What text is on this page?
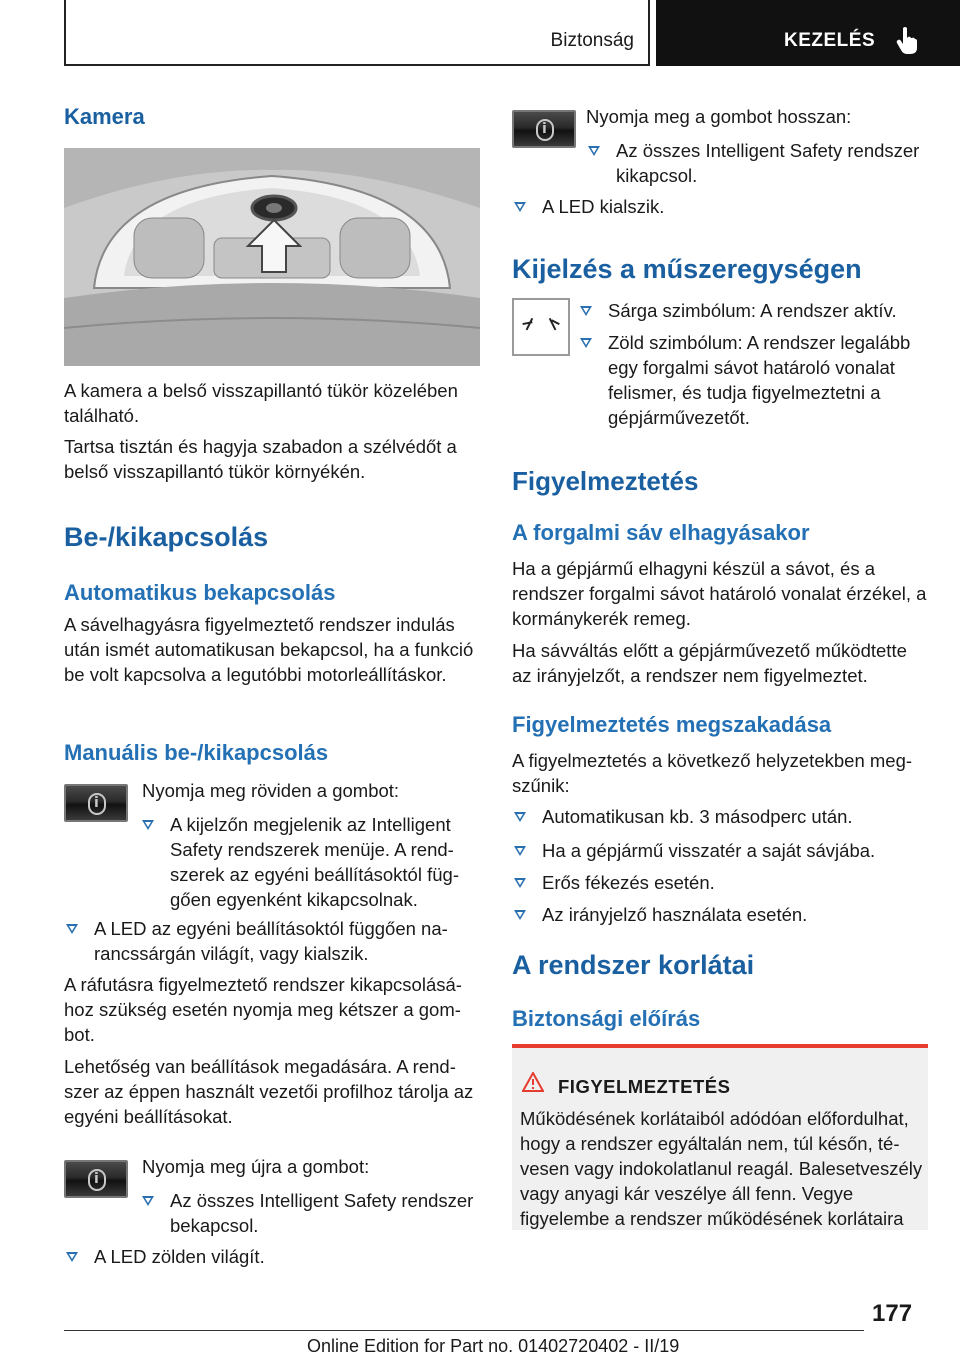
Biztonság	KEZELÉS
Kamera

A kamera a belső visszapillantó tükör közelében található.

Tartsa tisztán és hagyja szabadon a szélvédőt a belső visszapillantó tükör környékén.

Be-/kikapcsolás
Automatikus bekapcsolás

A sávelhagyásra figyelmeztető rendszer indulás után ismét automatikusan bekapcsol, ha a funkció be volt kapcsolva a legutóbbi motorleállításkor.

Manuális be-/kikapcsolás
i

Nyomja meg röviden a gombot:

A kijelzőn megjelenik az Intelligent Safety rendszerek menüje. A rendszerek az egyéni beállításoktól függően egyenként kikapcsolnak.
A LED az egyéni beállításoktól függően narancssárgán világít, vagy kialszik.

A ráfutásra figyelmeztető rendszer kikapcsolásához szükség esetén nyomja meg kétszer a gombot.

Lehetőség van beállítások megadására. A rendszer az éppen használt vezetői profilhoz tárolja az egyéni beállításokat.

i

Nyomja meg újra a gombot:

Az összes Intelligent Safety rendszer bekapcsol.
A LED zölden világít.
i

Nyomja meg a gombot hosszan:

Az összes Intelligent Safety rendszer kikapcsol.
A LED kialszik.
Kijelzés a műszeregységen
Sárga szimbólum: A rendszer aktív.
Zöld szimbólum: A rendszer legalább egy forgalmi sávot határoló vonalat felismer, és tudja figyelmeztetni a gépjárművezetőt.
Figyelmeztetés
A forgalmi sáv elhagyásakor

Ha a gépjármű elhagyni készül a sávot, és a rendszer forgalmi sávot határoló vonalat érzékel, a kormánykerék remeg.

Ha sávváltás előtt a gépjárművezető működtette az irányjelzőt, a rendszer nem figyelmeztet.

Figyelmeztetés megszakadása

A figyelmeztetés a következő helyzetekben megszűnik:

Automatikusan kb. 3 másodperc után.
Ha a gépjármű visszatér a saját sávjába.
Erős fékezés esetén.
Az irányjelző használata esetén.
A rendszer korlátai
Biztonsági előírás
FIGYELMEZTETÉS

Működésének korlátaiból adódóan előfordulhat, hogy a rendszer egyáltalán nem, túl későn, tévesen vagy indokolatlanul reagál. Balesetveszély vagy anyagi kár veszélye áll fenn. Vegye figyelembe a rendszer működésének korlátaira

177
Online Edition for Part no. 01402720402 - II/19
